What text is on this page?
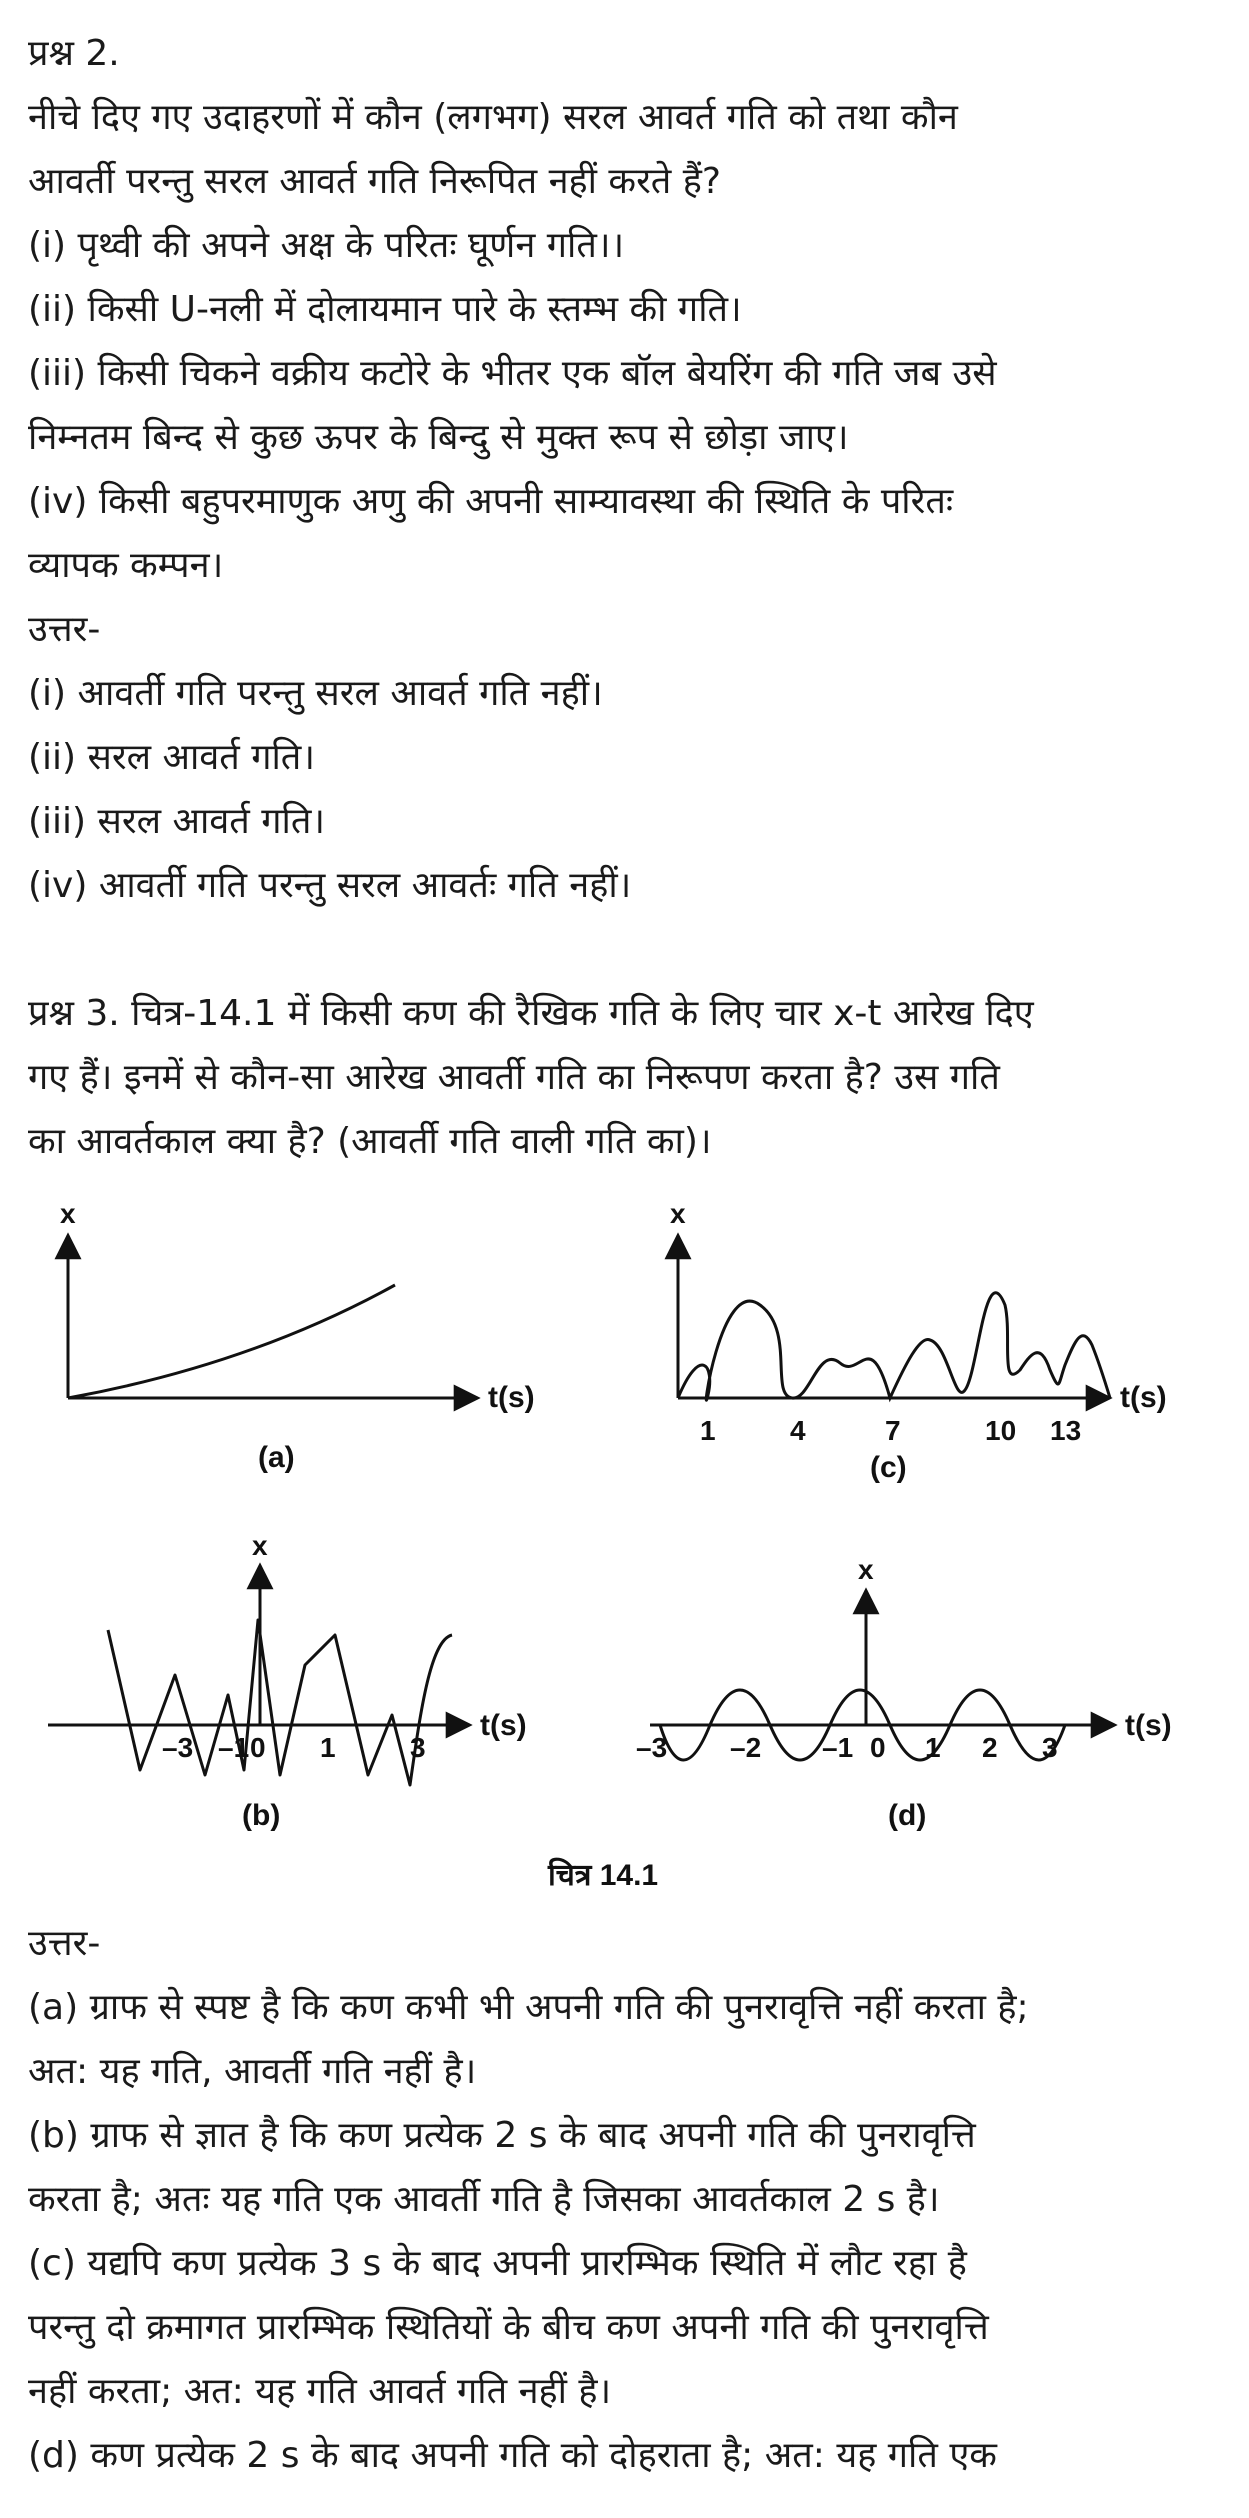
प्रश्न 2.
नीचे दिए गए उदाहरणों में कौन (लगभग) सरल आवर्त गति को तथा कौन
आवर्ती परन्तु सरल आवर्त गति निरूपित नहीं करते हैं?
(i) पृथ्वी की अपने अक्ष के परितः घूर्णन गति।।
(ii) किसी U-नली में दोलायमान पारे के स्तम्भ की गति।
(iii) किसी चिकने वक्रीय कटोरे के भीतर एक बॉल बेयरिंग की गति जब उसे
निम्नतम बिन्द से कुछ ऊपर के बिन्दु से मुक्त रूप से छोड़ा जाए।
(iv) किसी बहुपरमाणुक अणु की अपनी साम्यावस्था की स्थिति के परितः
व्यापक कम्पन।
उत्तर-
(i) आवर्ती गति परन्तु सरल आवर्त गति नहीं।
(ii) सरल आवर्त गति।
(iii) सरल आवर्त गति।
(iv) आवर्ती गति परन्तु सरल आवर्तः गति नहीं।
प्रश्न 3. चित्र-14.1 में किसी कण की रैखिक गति के लिए चार x-t आरेख दिए
गए हैं। इनमें से कौन-सा आरेख आवर्ती गति का निरूपण करता है? उस गति
का आवर्तकाल क्या है? (आवर्ती गति वाली गति का)।
x
t(s)
(a)
x
t(s)
1	4	7	10 13
(c)
x
t(s)
–3 –1 0 1	3
(b)
x
t(s)
–3 –2 –1 0 1 2 3
(d)
चित्र 14.1
उत्तर-
(a) ग्राफ से स्पष्ट है कि कण कभी भी अपनी गति की पुनरावृत्ति नहीं करता है;
अत: यह गति, आवर्ती गति नहीं है।
(b) ग्राफ से ज्ञात है कि कण प्रत्येक 2 s के बाद अपनी गति की पुनरावृत्ति
करता है; अतः यह गति एक आवर्ती गति है जिसका आवर्तकाल 2 s है।
(c) यद्यपि कण प्रत्येक 3 s के बाद अपनी प्रारम्भिक स्थिति में लौट रहा है
परन्तु दो क्रमागत प्रारम्भिक स्थितियों के बीच कण अपनी गति की पुनरावृत्ति
नहीं करता; अत: यह गति आवर्त गति नहीं है।
(d) कण प्रत्येक 2 s के बाद अपनी गति को दोहराता है; अत: यह गति एक
